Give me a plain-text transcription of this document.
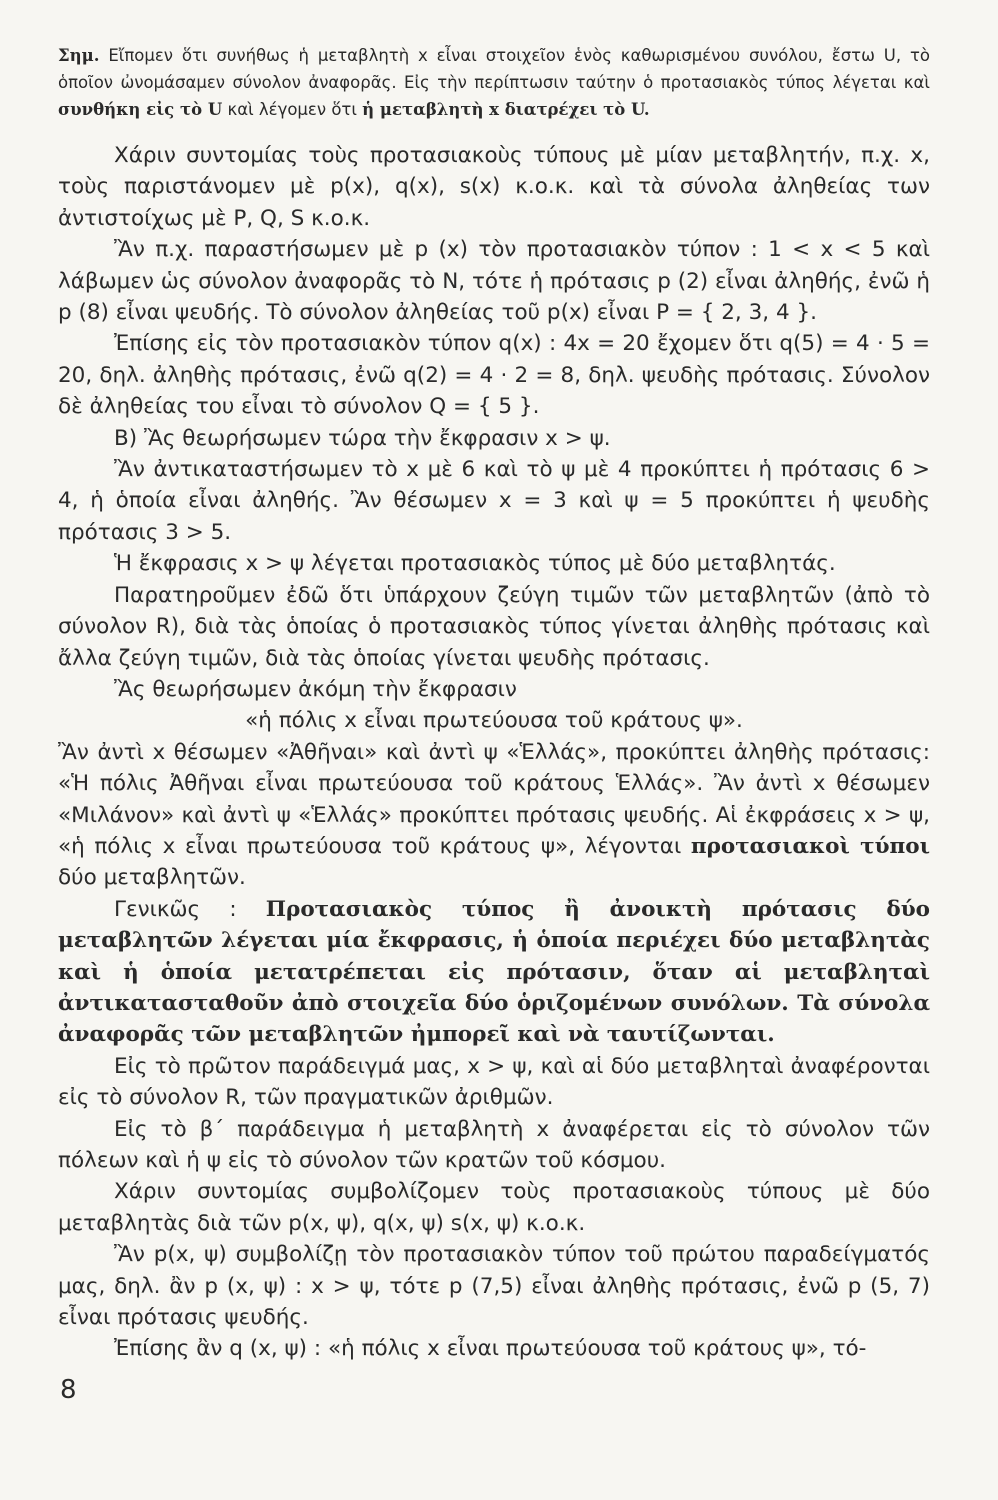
Σημ. Εἴπομεν ὅτι συνήθως ἡ μεταβλητὴ x εἶναι στοιχεῖον ἑνὸς καθωρισμένου συνόλου, ἔστω U, τὸ ὁποῖον ὠνομάσαμεν σύνολον ἀναφορᾶς. Εἰς τὴν περίπτωσιν ταύτην ὁ προτασιακὸς τύπος λέγεται καὶ συνθήκη εἰς τὸ U καὶ λέγομεν ὅτι ἡ μεταβλητὴ x διατρέχει τὸ U.

Χάριν συντομίας τοὺς προτασιακοὺς τύπους μὲ μίαν μεταβλητήν, π.χ. x, τοὺς παριστάνομεν μὲ p(x), q(x), s(x) κ.ο.κ. καὶ τὰ σύνολα ἀληθείας των ἀντιστοίχως μὲ P, Q, S κ.ο.κ.

Ἂν π.χ. παραστήσωμεν μὲ p (x) τὸν προτασιακὸν τύπον : 1 < x < 5 καὶ λάβωμεν ὡς σύνολον ἀναφορᾶς τὸ N, τότε ἡ πρότασις p (2) εἶναι ἀληθής, ἐνῶ ἡ p (8) εἶναι ψευδής. Τὸ σύνολον ἀληθείας τοῦ p(x) εἶναι P = { 2, 3, 4 }.

Ἐπίσης εἰς τὸν προτασιακὸν τύπον q(x) : 4x = 20 ἔχομεν ὅτι q(5) = 4 · 5 = 20, δηλ. ἀληθὴς πρότασις, ἐνῶ q(2) = 4 · 2 = 8, δηλ. ψευδὴς πρότασις. Σύνολον δὲ ἀληθείας του εἶναι τὸ σύνολον Q = { 5 }.

B) Ἂς θεωρήσωμεν τώρα τὴν ἔκφρασιν x > ψ.

Ἂν ἀντικαταστήσωμεν τὸ x μὲ 6 καὶ τὸ ψ μὲ 4 προκύπτει ἡ πρότασις 6 > 4, ἡ ὁποία εἶναι ἀληθής. Ἂν θέσωμεν x = 3 καὶ ψ = 5 προκύπτει ἡ ψευδὴς πρότασις 3 > 5.

Ἡ ἔκφρασις x > ψ λέγεται προτασιακὸς τύπος μὲ δύο μεταβλητάς.

Παρατηροῦμεν ἐδῶ ὅτι ὑπάρχουν ζεύγη τιμῶν τῶν μεταβλητῶν (ἀπὸ τὸ σύνολον R), διὰ τὰς ὁποίας ὁ προτασιακὸς τύπος γίνεται ἀληθὴς πρότασις καὶ ἄλλα ζεύγη τιμῶν, διὰ τὰς ὁποίας γίνεται ψευδὴς πρότασις.

Ἂς θεωρήσωμεν ἀκόμη τὴν ἔκφρασιν

«ἡ πόλις x εἶναι πρωτεύουσα τοῦ κράτους ψ».

Ἂν ἀντὶ x θέσωμεν «Ἀθῆναι» καὶ ἀντὶ ψ «Ἑλλάς», προκύπτει ἀληθὴς πρότασις: «Ἡ πόλις Ἀθῆναι εἶναι πρωτεύουσα τοῦ κράτους Ἑλλάς». Ἂν ἀντὶ x θέσωμεν «Μιλάνον» καὶ ἀντὶ ψ «Ἑλλάς» προκύπτει πρότασις ψευδής. Αἱ ἐκφράσεις x > ψ, «ἡ πόλις x εἶναι πρωτεύουσα τοῦ κράτους ψ», λέγονται προτασιακοὶ τύποι δύο μεταβλητῶν.

Γενικῶς : Προτασιακὸς τύπος ἢ ἀνοικτὴ πρότασις δύο μεταβλητῶν λέγεται μία ἔκφρασις, ἡ ὁποία περιέχει δύο μεταβλητὰς καὶ ἡ ὁποία μετατρέπεται εἰς πρότασιν, ὅταν αἱ μεταβληταὶ ἀντικατασταθοῦν ἀπὸ στοιχεῖα δύο ὁριζομένων συνόλων. Τὰ σύνολα ἀναφορᾶς τῶν μεταβλητῶν ἠμπορεῖ καὶ νὰ ταυτίζωνται.

Εἰς τὸ πρῶτον παράδειγμά μας, x > ψ, καὶ αἱ δύο μεταβληταὶ ἀναφέρονται εἰς τὸ σύνολον R, τῶν πραγματικῶν ἀριθμῶν.

Εἰς τὸ β΄ παράδειγμα ἡ μεταβλητὴ x ἀναφέρεται εἰς τὸ σύνολον τῶν πόλεων καὶ ἡ ψ εἰς τὸ σύνολον τῶν κρατῶν τοῦ κόσμου.

Χάριν συντομίας συμβολίζομεν τοὺς προτασιακοὺς τύπους μὲ δύο μεταβλητὰς διὰ τῶν p(x, ψ), q(x, ψ) s(x, ψ) κ.ο.κ.

Ἂν p(x, ψ) συμβολίζῃ τὸν προτασιακὸν τύπον τοῦ πρώτου παραδείγματός μας, δηλ. ἂν p (x, ψ) : x > ψ, τότε p (7,5) εἶναι ἀληθὴς πρότασις, ἐνῶ p (5, 7) εἶναι πρότασις ψευδής.

Ἐπίσης ἂν q (x, ψ) : «ἡ πόλις x εἶναι πρωτεύουσα τοῦ κράτους ψ», τό-

8
